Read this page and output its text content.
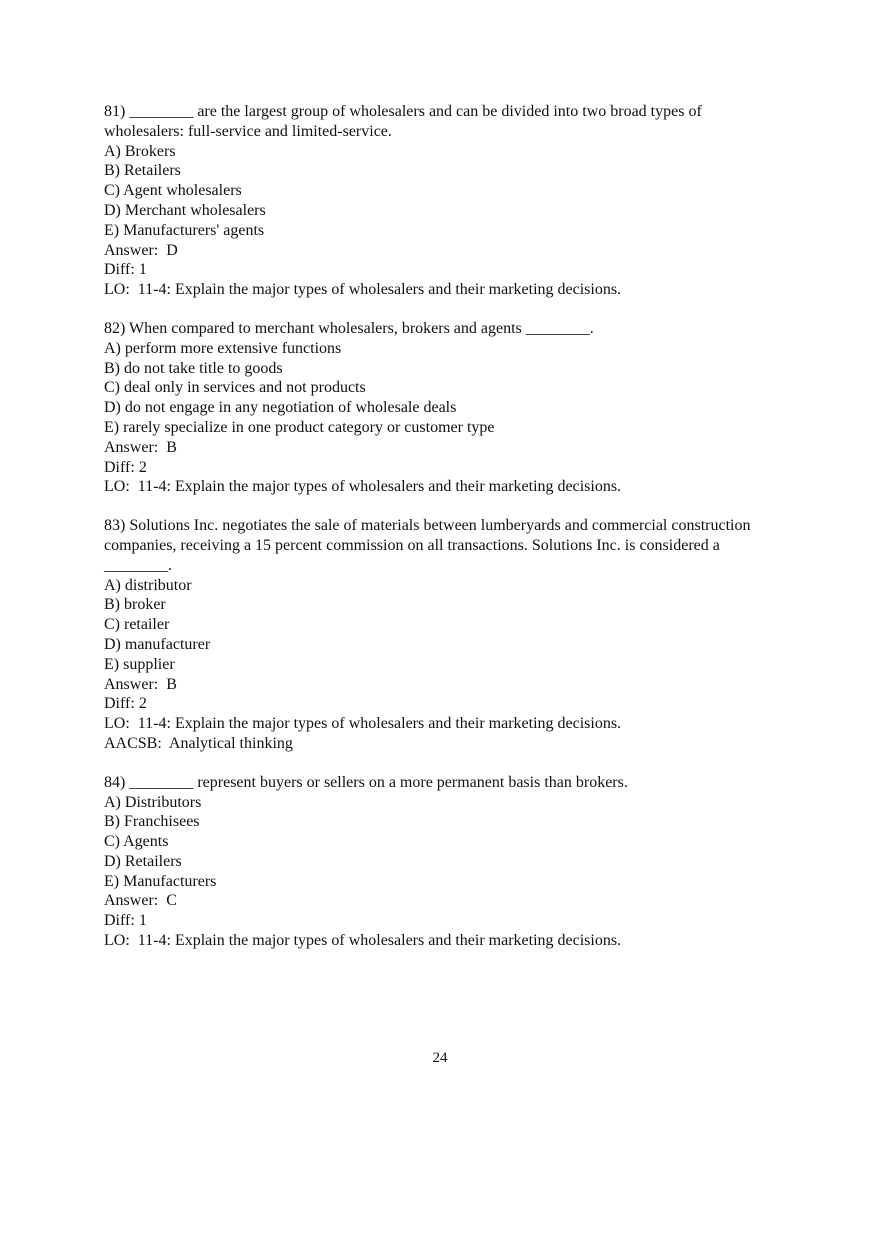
81) ________ are the largest group of wholesalers and can be divided into two broad types of wholesalers: full-service and limited-service.
A) Brokers
B) Retailers
C) Agent wholesalers
D) Merchant wholesalers
E) Manufacturers' agents
Answer:  D
Diff: 1
LO:  11-4: Explain the major types of wholesalers and their marketing decisions.
82) When compared to merchant wholesalers, brokers and agents ________.
A) perform more extensive functions
B) do not take title to goods
C) deal only in services and not products
D) do not engage in any negotiation of wholesale deals
E) rarely specialize in one product category or customer type
Answer:  B
Diff: 2
LO:  11-4: Explain the major types of wholesalers and their marketing decisions.
83) Solutions Inc. negotiates the sale of materials between lumberyards and commercial construction companies, receiving a 15 percent commission on all transactions. Solutions Inc. is considered a ________.
A) distributor
B) broker
C) retailer
D) manufacturer
E) supplier
Answer:  B
Diff: 2
LO:  11-4: Explain the major types of wholesalers and their marketing decisions.
AACSB:  Analytical thinking
84) ________ represent buyers or sellers on a more permanent basis than brokers.
A) Distributors
B) Franchisees
C) Agents
D) Retailers
E) Manufacturers
Answer:  C
Diff: 1
LO:  11-4: Explain the major types of wholesalers and their marketing decisions.
24
